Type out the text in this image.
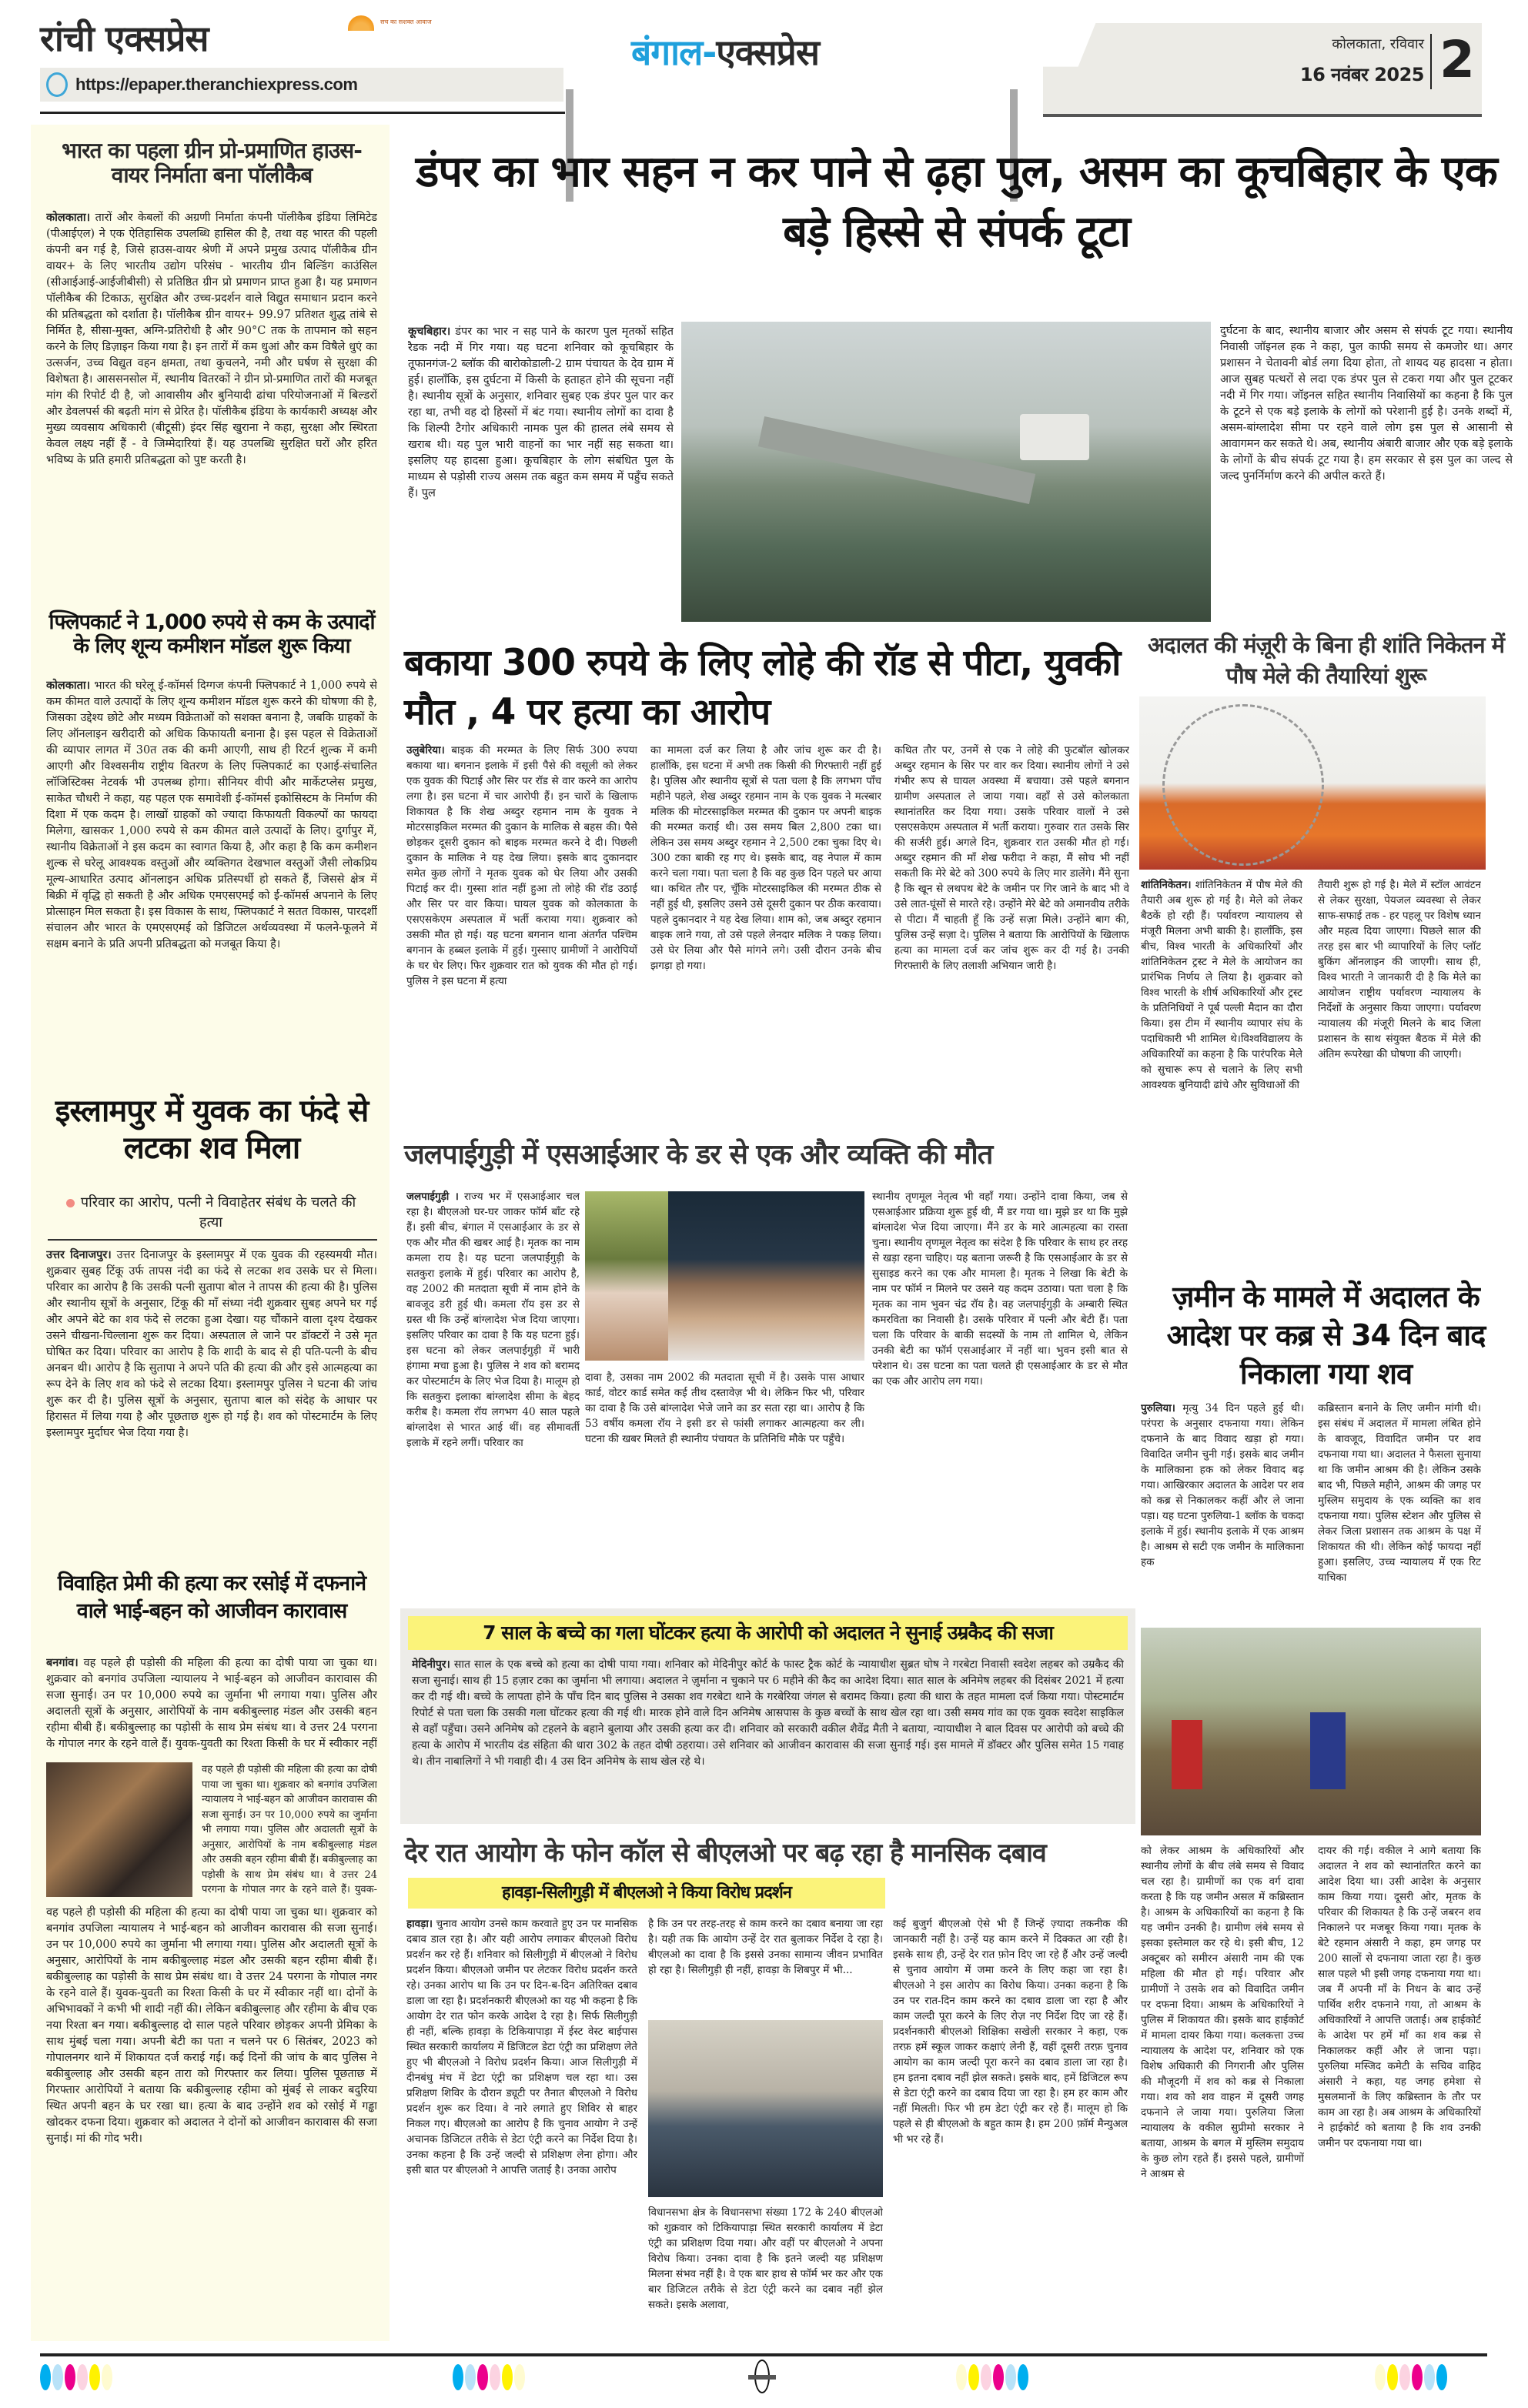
रांची एक्सप्रेस	सच का सशक्त आवाज
https://epaper.theranchiexpress.com
बंगाल-एक्सप्रेस	कोलकाता, रविवार
16 नवंबर 2025 2
भारत का पहला ग्रीन प्रो-प्रमाणित हाउस-वायर निर्माता बना पॉलीकैब
कोलकाता। तारों और केबलों की अग्रणी निर्माता कंपनी पॉलीकैब इंडिया लिमिटेड (पीआईएल) ने एक ऐतिहासिक उपलब्धि हासिल की है, तथा वह भारत की पहली कंपनी बन गई है, जिसे हाउस-वायर श्रेणी में अपने प्रमुख उत्पाद पॉलीकैब ग्रीन वायर+ के लिए भारतीय उद्योग परिसंघ - भारतीय ग्रीन बिल्डिंग काउंसिल (सीआईआई-आईजीबीसी) से प्रतिष्ठित ग्रीन प्रो प्रमाणन प्राप्त हुआ है। यह प्रमाणन पॉलीकैब की टिकाऊ, सुरक्षित और उच्च-प्रदर्शन वाले विद्युत समाधान प्रदान करने की प्रतिबद्धता को दर्शाता है। पॉलीकैब ग्रीन वायर+ 99.97 प्रतिशत शुद्ध तांबे से निर्मित है, सीसा-मुक्त, अग्नि-प्रतिरोधी है और 90°C तक के तापमान को सहन करने के लिए डिज़ाइन किया गया है। इन तारों में कम धुआं और कम विषैले धुएं का उत्सर्जन, उच्च विद्युत वहन क्षमता, तथा कुचलने, नमी और घर्षण से सुरक्षा की विशेषता है। आससनसोल में, स्थानीय वितरकों ने ग्रीन प्रो-प्रमाणित तारों की मजबूत मांग की रिपोर्ट दी है, जो आवासीय और बुनियादी ढांचा परियोजनाओं में बिल्डरों और डेवलपर्स की बढ़ती मांग से प्रेरित है। पॉलीकैब इंडिया के कार्यकारी अध्यक्ष और मुख्य व्यवसाय अधिकारी (बीटूसी) इंदर सिंह खुराना ने कहा, सुरक्षा और स्थिरता केवल लक्ष्य नहीं हैं - वे जिम्मेदारियां हैं। यह उपलब्धि सुरक्षित घरों और हरित भविष्य के प्रति हमारी प्रतिबद्धता को पुष्ट करती है।
फ्लिपकार्ट ने 1,000 रुपये से कम के उत्पादों के लिए शून्य कमीशन मॉडल शुरू किया
कोलकाता। भारत की घरेलू ई-कॉमर्स दिग्गज कंपनी फ्लिपकार्ट ने 1,000 रुपये से कम कीमत वाले उत्पादों के लिए शून्य कमीशन मॉडल शुरू करने की घोषणा की है, जिसका उद्देश्य छोटे और मध्यम विक्रेताओं को सशक्त बनाना है, जबकि ग्राहकों के लिए ऑनलाइन खरीदारी को अधिक किफायती बनाना है। इस पहल से विक्रेताओं की व्यापार लागत में 30त तक की कमी आएगी, साथ ही रिटर्न शुल्क में कमी आएगी और विश्वसनीय राष्ट्रीय वितरण के लिए फ्लिपकार्ट का एआई-संचालित लॉजिस्टिक्स नेटवर्क भी उपलब्ध होगा। सीनियर वीपी और मार्केटप्लेस प्रमुख, साकेत चौधरी ने कहा, यह पहल एक समावेशी ई-कॉमर्स इकोसिस्टम के निर्माण की दिशा में एक कदम है। लाखों ग्राहकों को ज्यादा किफायती विकल्पों का फायदा मिलेगा, खासकर 1,000 रुपये से कम कीमत वाले उत्पादों के लिए। दुर्गापुर में, स्थानीय विक्रेताओं ने इस कदम का स्वागत किया है, और कहा है कि कम कमीशन शुल्क से घरेलू आवश्यक वस्तुओं और व्यक्तिगत देखभाल वस्तुओं जैसी लोकप्रिय मूल्य-आधारित उत्पाद ऑनलाइन अधिक प्रतिस्पर्धी हो सकते हैं, जिससे क्षेत्र में बिक्री में वृद्धि हो सकती है और अधिक एमएसएमई को ई-कॉमर्स अपनाने के लिए प्रोत्साहन मिल सकता है। इस विकास के साथ, फ्लिपकार्ट ने सतत विकास, पारदर्शी संचालन और भारत के एमएसएमई को डिजिटल अर्थव्यवस्था में फलने-फूलने में सक्षम बनाने के प्रति अपनी प्रतिबद्धता को मजबूत किया है।
इस्लामपुर में युवक का फंदे से लटका शव मिला
परिवार का आरोप, पत्नी ने विवाहेतर संबंध के चलते की हत्या
उत्तर दिनाजपुर। उत्तर दिनाजपुर के इस्लामपुर में एक युवक की रहस्यमयी मौत। शुक्रवार सुबह टिंकू उर्फ तापस नंदी का फंदे से लटका शव उसके घर से मिला। परिवार का आरोप है कि उसकी पत्नी सुतापा बोल ने तापस की हत्या की है। पुलिस और स्थानीय सूत्रों के अनुसार, टिंकू की माँ संध्या नंदी शुक्रवार सुबह अपने घर गई और अपने बेटे का शव फंदे से लटका हुआ देखा। यह चौंकाने वाला दृश्य देखकर उसने चीखना-चिल्लाना शुरू कर दिया। अस्पताल ले जाने पर डॉक्टरों ने उसे मृत घोषित कर दिया। परिवार का आरोप है कि शादी के बाद से ही पति-पत्नी के बीच अनबन थी। आरोप है कि सुतापा ने अपने पति की हत्या की और इसे आत्महत्या का रूप देने के लिए शव को फंदे से लटका दिया। इस्लामपुर पुलिस ने घटना की जांच शुरू कर दी है। पुलिस सूत्रों के अनुसार, सुतापा बाल को संदेह के आधार पर हिरासत में लिया गया है और पूछताछ शुरू हो गई है। शव को पोस्टमार्टम के लिए इस्लामपुर मुर्दाघर भेज दिया गया है।
विवाहित प्रेमी की हत्या कर रसोई में दफनाने वाले भाई-बहन को आजीवन कारावास
बनगांव। वह पहले ही पड़ोसी की महिला की हत्या का दोषी पाया जा चुका था। शुक्रवार को बनगांव उपजिला न्यायालय ने भाई-बहन को आजीवन कारावास की सजा सुनाई। उन पर 10,000 रुपये का जुर्माना भी लगाया गया। पुलिस और अदालती सूत्रों के अनुसार, आरोपियों के नाम बकीबुल्लाह मंडल और उसकी बहन रहीमा बीबी हैं। बकीबुल्लाह का पड़ोसी के साथ प्रेम संबंध था। वे उत्तर 24 परगना के गोपाल नगर के रहने वाले हैं। युवक-युवती का रिश्ता किसी के घर में स्वीकार नहीं
वह पहले ही पड़ोसी की महिला की हत्या का दोषी पाया जा चुका था। शुक्रवार को बनगांव उपजिला न्यायालय ने भाई-बहन को आजीवन कारावास की सजा सुनाई। उन पर 10,000 रुपये का जुर्माना भी लगाया गया। पुलिस और अदालती सूत्रों के अनुसार, आरोपियों के नाम बकीबुल्लाह मंडल और उसकी बहन रहीमा बीबी हैं। बकीबुल्लाह का पड़ोसी के साथ प्रेम संबंध था। वे उत्तर 24 परगना के गोपाल नगर के रहने वाले हैं। युवक-
वह पहले ही पड़ोसी की महिला की हत्या का दोषी पाया जा चुका था। शुक्रवार को बनगांव उपजिला न्यायालय ने भाई-बहन को आजीवन कारावास की सजा सुनाई। उन पर 10,000 रुपये का जुर्माना भी लगाया गया। पुलिस और अदालती सूत्रों के अनुसार, आरोपियों के नाम बकीबुल्लाह मंडल और उसकी बहन रहीमा बीबी हैं। बकीबुल्लाह का पड़ोसी के साथ प्रेम संबंध था। वे उत्तर 24 परगना के गोपाल नगर के रहने वाले हैं। युवक-युवती का रिश्ता किसी के घर में स्वीकार नहीं था। दोनों के अभिभावकों ने कभी भी शादी नहीं की। लेकिन बकीबुल्लाह और रहीमा के बीच एक नया रिश्ता बन गया। बकीबुल्लाह दो साल पहले परिवार छोड़कर अपनी प्रेमिका के साथ मुंबई चला गया। अपनी बेटी का पता न चलने पर 6 सितंबर, 2023 को गोपालनगर थाने में शिकायत दर्ज कराई गई। कई दिनों की जांच के बाद पुलिस ने बकीबुल्लाह और उसकी बहन तारा को गिरफ्तार कर लिया। पुलिस पूछताछ में गिरफ्तार आरोपियों ने बताया कि बकीबुल्लाह रहीमा को मुंबई से लाकर बदुरिया स्थित अपनी बहन के घर रखा था। हत्या के बाद उन्होंने शव को रसोई में गड्ढा खोदकर दफना दिया। शुक्रवार को अदालत ने दोनों को आजीवन कारावास की सजा सुनाई। मां की गोद भरी।
डंपर का भार सहन न कर पाने से ढ़हा पुल, असम का कूचबिहार के एक बड़े हिस्से से संपर्क टूटा
कूचबिहार। डंपर का भार न सह पाने के कारण पुल मृतकों सहित रैडक नदी में गिर गया। यह घटना शनिवार को कूचबिहार के तूफानगंज-2 ब्लॉक की बारोकोडाली-2 ग्राम पंचायत के देव ग्राम में हुई। हालाँकि, इस दुर्घटना में किसी के हताहत होने की सूचना नहीं है। स्थानीय सूत्रों के अनुसार, शनिवार सुबह एक डंपर पुल पार कर रहा था, तभी वह दो हिस्सों में बंट गया। स्थानीय लोगों का दावा है कि शिल्पी टैगोर अधिकारी नामक पुल की हालत लंबे समय से खराब थी। यह पुल भारी वाहनों का भार नहीं सह सकता था। इसलिए यह हादसा हुआ। कूचबिहार के लोग संबंधित पुल के माध्यम से पड़ोसी राज्य असम तक बहुत कम समय में पहुँच सकते हैं। पुल
दुर्घटना के बाद, स्थानीय बाजार और असम से संपर्क टूट गया। स्थानीय निवासी जॉइनल हक ने कहा, पुल काफी समय से कमजोर था। अगर प्रशासन ने चेतावनी बोर्ड लगा दिया होता, तो शायद यह हादसा न होता। आज सुबह पत्थरों से लदा एक डंपर पुल से टकरा गया और पुल टूटकर नदी में गिर गया। जॉइनल सहित स्थानीय निवासियों का कहना है कि पुल के टूटने से एक बड़े इलाके के लोगों को परेशानी हुई है। उनके शब्दों में, असम-बांग्लादेश सीमा पर रहने वाले लोग इस पुल से आसानी से आवागमन कर सकते थे। अब, स्थानीय अंबारी बाजार और एक बड़े इलाके के लोगों के बीच संपर्क टूट गया है। हम सरकार से इस पुल का जल्द से जल्द पुनर्निर्माण करने की अपील करते हैं।
बकाया 300 रुपये के लिए लोहे की रॉड से पीटा, युवकी मौत , 4 पर हत्या का आरोप
उलुबेरिया। बाइक की मरम्मत के लिए सिर्फ 300 रुपया बकाया था। बगनान इलाके में इसी पैसे की वसूली को लेकर एक युवक की पिटाई और सिर पर रॉड से वार करने का आरोप लगा है। इस घटना में चार आरोपी हैं। इन चारों के खिलाफ शिकायत है कि शेख अब्दुर रहमान नाम के युवक ने मोटरसाइकिल मरम्मत की दुकान के मालिक से बहस की। पैसे छोड़कर दूसरी दुकान को बाइक मरम्मत करने दे दी। पिछली दुकान के मालिक ने यह देख लिया। इसके बाद दुकानदार समेत कुछ लोगों ने मृतक युवक को घेर लिया और उसकी पिटाई कर दी। गुस्सा शांत नहीं हुआ तो लोहे की रॉड उठाई और सिर पर वार किया। घायल युवक को कोलकाता के एसएसकेएम अस्पताल में भर्ती कराया गया। शुक्रवार को उसकी मौत हो गई। यह घटना बगनान थाना अंतर्गत पश्चिम बगनान के हब्बल इलाके में हुई। गुस्साए ग्रामीणों ने आरोपियों के घर घेर लिए। फिर शुक्रवार रात को युवक की मौत हो गई। पुलिस ने इस घटना में हत्या
का मामला दर्ज कर लिया है और जांच शुरू कर दी है। हालाँकि, इस घटना में अभी तक किसी की गिरफ्तारी नहीं हुई है। पुलिस और स्थानीय सूत्रों से पता चला है कि लगभग पाँच महीने पहले, शेख अब्दुर रहमान नाम के एक युवक ने मत्स्बार मलिक की मोटरसाइकिल मरम्मत की दुकान पर अपनी बाइक की मरम्मत कराई थी। उस समय बिल 2,800 टका था। लेकिन उस समय अब्दुर रहमान ने 2,500 टका चुका दिए थे। 300 टका बाकी रह गए थे। इसके बाद, वह नेपाल में काम करने चला गया। पता चला है कि वह कुछ दिन पहले घर आया था। कथित तौर पर, चूँकि मोटरसाइकिल की मरम्मत ठीक से नहीं हुई थी, इसलिए उसने उसे दूसरी दुकान पर ठीक करवाया। पहले दुकानदार ने यह देख लिया। शाम को, जब अब्दुर रहमान बाइक लाने गया, तो उसे पहले लेनदार मलिक ने पकड़ लिया। उसे घेर लिया और पैसे मांगने लगे। उसी दौरान उनके बीच झगड़ा हो गया।
कथित तौर पर, उनमें से एक ने लोहे की फुटबॉल खोलकर अब्दुर रहमान के सिर पर वार कर दिया। स्थानीय लोगों ने उसे गंभीर रूप से घायल अवस्था में बचाया। उसे पहले बगनान ग्रामीण अस्पताल ले जाया गया। वहाँ से उसे कोलकाता स्थानांतरित कर दिया गया। उसके परिवार वालों ने उसे एसएसकेएम अस्पताल में भर्ती कराया। गुरुवार रात उसके सिर की सर्जरी हुई। अगले दिन, शुक्रवार रात उसकी मौत हो गई। अब्दुर रहमान की माँ शेख फरीदा ने कहा, मैं सोच भी नहीं सकती कि मेरे बेटे को 300 रुपये के लिए मार डालेंगे। मैंने सुना है कि खून से लथपथ बेटे के जमीन पर गिर जाने के बाद भी वे उसे लात-घूंसों से मारते रहे। उन्होंने मेरे बेटे को अमानवीय तरीके से पीटा। मैं चाहती हूँ कि उन्हें सज़ा मिले। उन्होंने बाग की, पुलिस उन्हें सज़ा दे। पुलिस ने बताया कि आरोपियों के खिलाफ हत्या का मामला दर्ज कर जांच शुरू कर दी गई है। उनकी गिरफ्तारी के लिए तलाशी अभियान जारी है।
अदालत की मंज़ूरी के बिना ही शांति निकेतन में पौष मेले की तैयारियां शुरू
शांतिनिकेतन। शांतिनिकेतन में पौष मेले की तैयारी अब शुरू हो गई है। मेले को लेकर बैठकें हो रही हैं। पर्यावरण न्यायालय से मंजूरी मिलना अभी बाकी है। हालाँकि, इस बीच, विश्व भारती के अधिकारियों और शांतिनिकेतन ट्रस्ट ने मेले के आयोजन का प्रारंभिक निर्णय ले लिया है। शुक्रवार को विश्व भारती के शीर्ष अधिकारियों और ट्रस्ट के प्रतिनिधियों ने पूर्ब पल्ली मैदान का दौरा किया। इस टीम में स्थानीय व्यापार संघ के पदाधिकारी भी शामिल थे।विश्वविद्यालय के अधिकारियों का कहना है कि पारंपरिक मेले को सुचारू रूप से चलाने के लिए सभी आवश्यक बुनियादी ढांचे और सुविधाओं की
तैयारी शुरू हो गई है। मेले में स्टॉल आवंटन से लेकर सुरक्षा, पेयजल व्यवस्था से लेकर साफ-सफाई तक - हर पहलू पर विशेष ध्यान और महत्व दिया जाएगा। पिछले साल की तरह इस बार भी व्यापारियों के लिए प्लॉट बुकिंग ऑनलाइन की जाएगी। साथ ही, विश्व भारती ने जानकारी दी है कि मेले का आयोजन राष्ट्रीय पर्यावरण न्यायालय के निर्देशों के अनुसार किया जाएगा। पर्यावरण न्यायालय की मंजूरी मिलने के बाद जिला प्रशासन के साथ संयुक्त बैठक में मेले की अंतिम रूपरेखा की घोषणा की जाएगी।
जलपाईगुड़ी में एसआईआर के डर से एक और व्यक्ति की मौत
जलपाईगुड़ी । राज्य भर में एसआईआर चल रहा है। बीएलओ घर-घर जाकर फॉर्म बाँट रहे हैं। इसी बीच, बंगाल में एसआईआर के डर से एक और मौत की खबर आई है। मृतक का नाम कमला राय है। यह घटना जलपाईगुड़ी के सतकुरा इलाके में हुई। परिवार का आरोप है, वह 2002 की मतदाता सूची में नाम होने के बावजूद डरी हुई थी। कमला रॉय इस डर से ग्रस्त थी कि उन्हें बांग्लादेश भेज दिया जाएगा। इसलिए परिवार का दावा है कि यह घटना हुई। इस घटना को लेकर जलपाईगुड़ी में भारी हंगामा मचा हुआ है। पुलिस ने शव को बरामद कर पोस्टमार्टम के लिए भेज दिया है। मालूम हो कि सतकुरा इलाका बांग्लादेश सीमा के बेहद करीब है। कमला रॉय लगभग 40 साल पहले बांग्लादेश से भारत आई थीं। वह सीमावर्ती इलाके में रहने लगीं। परिवार का
दावा है, उसका नाम 2002 की मतदाता सूची में है। उसके पास आधार कार्ड, वोटर कार्ड समेत कई तीथ दस्तावेज़ भी थे। लेकिन फिर भी, परिवार का दावा है कि उसे बांग्लादेश भेजे जाने का डर सता रहा था। आरोप है कि 53 वर्षीय कमला रॉय ने इसी डर से फांसी लगाकर आत्महत्या कर ली। घटना की खबर मिलते ही स्थानीय पंचायत के प्रतिनिधि मौके पर पहुँचे।
स्थानीय तृणमूल नेतृत्व भी वहाँ गया। उन्होंने दावा किया, जब से एसआईआर प्रक्रिया शुरू हुई थी, मैं डर गया था। मुझे डर था कि मुझे बांग्लादेश भेज दिया जाएगा। मैंने डर के मारे आत्महत्या का रास्ता चुना। स्थानीय तृणमूल नेतृत्व का संदेश है कि परिवार के साथ हर तरह से खड़ा रहना चाहिए। यह बताना जरूरी है कि एसआईआर के डर से सुसाइड करने का एक और मामला है। मृतक ने लिखा कि बेटी के नाम पर फॉर्म न मिलने पर उसने यह कदम उठाया। पता चला है कि मृतक का नाम भुवन चंद्र रॉय है। वह जलपाईगुड़ी के अम्बारी स्थित कमरविता का निवासी है। उसके परिवार में पत्नी और बेटी हैं। पता चला कि परिवार के बाकी सदस्यों के नाम तो शामिल थे, लेकिन उनकी बेटी का फॉर्म एसआईआर में नहीं था। भुवन इसी बात से परेशान थे। उस घटना का पता चलते ही एसआईआर के डर से मौत का एक और आरोप लग गया।
7 साल के बच्चे का गला घोंटकर हत्या के आरोपी को अदालत ने सुनाई उम्रकैद की सजा
मेदिनीपुर। सात साल के एक बच्चे को हत्या का दोषी पाया गया। शनिवार को मेदिनीपुर कोर्ट के फास्ट ट्रैक कोर्ट के न्यायाधीश सुब्रत घोष ने गरबेटा निवासी स्वदेश लहबर को उम्रकैद की सजा सुनाई। साथ ही 15 हज़ार टका का जुर्माना भी लगाया। अदालत ने ज़ुर्माना न चुकाने पर 6 महीने की कैद का आदेश दिया। सात साल के अनिमेष लहबर की दिसंबर 2021 में हत्या कर दी गई थी। बच्चे के लापता होने के पाँच दिन बाद पुलिस ने उसका शव गरबेटा थाने के गरबेरिया जंगल से बरामद किया। हत्या की धारा के तहत मामला दर्ज किया गया। पोस्टमार्टम रिपोर्ट से पता चला कि उसकी गला घोंटकर हत्या की गई थी। मारक होने वाले दिन अनिमेष आसपास के कुछ बच्चों के साथ खेल रहा था। उसी समय गांव का एक युवक स्वदेश साइकिल से वहाँ पहुँचा। उसने अनिमेष को टहलने के बहाने बुलाया और उसकी हत्या कर दी। शनिवार को सरकारी वकील शैवेंद्र मैती ने बताया, न्यायाधीश ने बाल दिवस पर आरोपी को बच्चे की हत्या के आरोप में भारतीय दंड संहिता की धारा 302 के तहत दोषी ठहराया। उसे शनिवार को आजीवन कारावास की सजा सुनाई गई। इस मामले में डॉक्टर और पुलिस समेत 15 गवाह थे। तीन नाबालिगों ने भी गवाही दी। 4 उस दिन अनिमेष के साथ खेल रहे थे।
देर रात आयोग के फोन कॉल से बीएलओ पर बढ़ रहा है मानसिक दबाव
हावड़ा-सिलीगुड़ी में बीएलओ ने किया विरोध प्रदर्शन
हावड़ा। चुनाव आयोग उनसे काम करवाते हुए उन पर मानसिक दबाव डाल रहा है। और यही आरोप लगाकर बीएलओ विरोध प्रदर्शन कर रहे हैं। शनिवार को सिलीगुड़ी में बीएलओ ने विरोध प्रदर्शन किया। बीएलओ जमीन पर लेटकर विरोध प्रदर्शन करते रहे। उनका आरोप था कि उन पर दिन-ब-दिन अतिरिक्त दबाव डाला जा रहा है। प्रदर्शनकारी बीएलओ का यह भी कहना है कि आयोग देर रात फोन करके आदेश दे रहा है। सिर्फ सिलीगुड़ी ही नहीं, बल्कि हावड़ा के टिकियापाड़ा में ईस्ट वेस्ट बाईपास स्थित सरकारी कार्यालय में डिजिटल डेटा एंट्री का प्रशिक्षण लेते हुए भी बीएलओ ने विरोध प्रदर्शन किया। आज सिलीगुड़ी में दीनबंधु मंच में डेटा एंट्री का प्रशिक्षण चल रहा था। उस प्रशिक्षण शिविर के दौरान ड्यूटी पर तैनात बीएलओ ने विरोध प्रदर्शन शुरू कर दिया। वे नारे लगाते हुए शिविर से बाहर निकल गए। बीएलओ का आरोप है कि चुनाव आयोग ने उन्हें अचानक डिजिटल तरीके से डेटा एंट्री करने का निर्देश दिया है। उनका कहना है कि उन्हें जल्दी से प्रशिक्षण लेना होगा। और इसी बात पर बीएलओ ने आपत्ति जताई है। उनका आरोप
है कि उन पर तरह-तरह से काम करने का दबाव बनाया जा रहा है। यही तक कि आयोग उन्हें देर रात बुलाकर निर्देश दे रहा है। बीएलओ का दावा है कि इससे उनका सामान्य जीवन प्रभावित हो रहा है। सिलीगुड़ी ही नहीं, हावड़ा के शिबपुर में भी...
विधानसभा क्षेत्र के विधानसभा संख्या 172 के 240 बीएलओ को शुक्रवार को टिकियापाड़ा स्थित सरकारी कार्यालय में डेटा एंट्री का प्रशिक्षण दिया गया। और वहीं पर बीएलओ ने अपना विरोध किया। उनका दावा है कि इतने जल्दी यह प्रशिक्षण मिलना संभव नहीं है। वे एक बार हाथ से फॉर्म भर कर और एक बार डिजिटल तरीके से डेटा एंट्री करने का दबाव नहीं झेल सकते। इसके अलावा,
कई बुजुर्ग बीएलओ ऐसे भी हैं जिन्हें ज़्यादा तकनीक की जानकारी नहीं है। उन्हें यह काम करने में दिक्कत आ रही है। इसके साथ ही, उन्हें देर रात फ़ोन दिए जा रहे हैं और उन्हें जल्दी से चुनाव आयोग में जमा करने के लिए कहा जा रहा है। बीएलओ ने इस आरोप का विरोध किया। उनका कहना है कि उन पर रात-दिन काम करने का दबाव डाला जा रहा है और काम जल्दी पूरा करने के लिए रोज़ नए निर्देश दिए जा रहे हैं। प्रदर्शनकारी बीएलओ शिक्षिका सखेली सरकार ने कहा, एक तरफ़ हमें स्कूल जाकर कक्षाएं लेनी हैं, वहीं दूसरी तरफ़ चुनाव आयोग का काम जल्दी पूरा करने का दबाव डाला जा रहा है। हम इतना दबाव नहीं झेल सकते। इसके बाद, हमें डिजिटल रूप से डेटा एंट्री करने का दबाव दिया जा रहा है। हम हर काम और नहीं मिलती। फिर भी हम डेटा एंट्री कर रहे हैं। मालूम हो कि पहले से ही बीएलओ के बहुत काम है। हम 200 फ़ॉर्म मैन्युअल भी भर रहे हैं।
ज़मीन के मामले में अदालत के आदेश पर कब्र से 34 दिन बाद निकाला गया शव
पुरुलिया। मृत्यु 34 दिन पहले हुई थी। परंपरा के अनुसार दफनाया गया। लेकिन दफनाने के बाद विवाद खड़ा हो गया। विवादित जमीन चुनी गई। इसके बाद जमीन के मालिकाना हक को लेकर विवाद बढ़ गया। आखिरकार अदालत के आदेश पर शव को कब्र से निकालकर कहीं और ले जाना पड़ा। यह घटना पुरुलिया-1 ब्लॉक के चकदा इलाके में हुई। स्थानीय इलाके में एक आश्रम है। आश्रम से सटी एक जमीन के मालिकाना हक
कब्रिस्तान बनाने के लिए जमीन मांगी थी। इस संबंध में अदालत में मामला लंबित होने के बावजूद, विवादित जमीन पर शव दफनाया गया था। अदालत ने फैसला सुनाया था कि जमीन आश्रम की है। लेकिन उसके बाद भी, पिछले महीने, आश्रम की जगह पर मुस्लिम समुदाय के एक व्यक्ति का शव दफनाया गया। पुलिस स्टेशन और पुलिस से लेकर जिला प्रशासन तक आश्रम के पक्ष में शिकायत की थी। लेकिन कोई फायदा नहीं हुआ। इसलिए, उच्च न्यायालय में एक रिट याचिका
को लेकर आश्रम के अधिकारियों और स्थानीय लोगों के बीच लंबे समय से विवाद चल रहा है। ग्रामीणों का एक वर्ग दावा करता है कि यह जमीन असल में कब्रिस्तान है। आश्रम के अधिकारियों का कहना है कि यह जमीन उनकी है। ग्रामीण लंबे समय से इसका इस्तेमाल कर रहे थे। इसी बीच, 12 अक्टूबर को समीरन अंसारी नाम की एक महिला की मौत हो गई। परिवार और ग्रामीणों ने उसके शव को विवादित जमीन पर दफना दिया। आश्रम के अधिकारियों ने पुलिस में शिकायत की। इसके बाद हाईकोर्ट में मामला दायर किया गया। कलकत्ता उच्च न्यायालय के आदेश पर, शनिवार को एक विशेष अधिकारी की निगरानी और पुलिस की मौजूदगी में शव को कब्र से निकाला गया। शव को शव वाहन में दूसरी जगह दफनाने ले जाया गया। पुरुलिया जिला न्यायालय के वकील सुप्रीमो सरकार ने बताया, आश्रम के बगल में मुस्लिम समुदाय के कुछ लोग रहते हैं। इससे पहले, ग्रामीणों ने आश्रम से
दायर की गई। वकील ने आगे बताया कि अदालत ने शव को स्थानांतरित करने का आदेश दिया था। उसी आदेश के अनुसार काम किया गया। दूसरी ओर, मृतक के परिवार की शिकायत है कि उन्हें जबरन शव निकालने पर मजबूर किया गया। मृतक के बेटे रहमान अंसारी ने कहा, हम जगह पर 200 सालों से दफनाया जाता रहा है। कुछ साल पहले भी इसी जगह दफनाया गया था। जब मैं अपनी माँ के निधन के बाद उन्हें पार्थिव शरीर दफनाने गया, तो आश्रम के अधिकारियों ने आपत्ति जताई। अब हाईकोर्ट के आदेश पर हमें माँ का शव कब्र से निकालकर कहीं और ले जाना पड़ा। पुरुलिया मस्जिद कमेटी के सचिव वाहिद अंसारी ने कहा, यह जगह हमेशा से मुसलमानों के लिए कब्रिस्तान के तौर पर काम आ रहा है। अब आश्रम के अधिकारियों ने हाईकोर्ट को बताया है कि शव उनकी जमीन पर दफनाया गया था।
